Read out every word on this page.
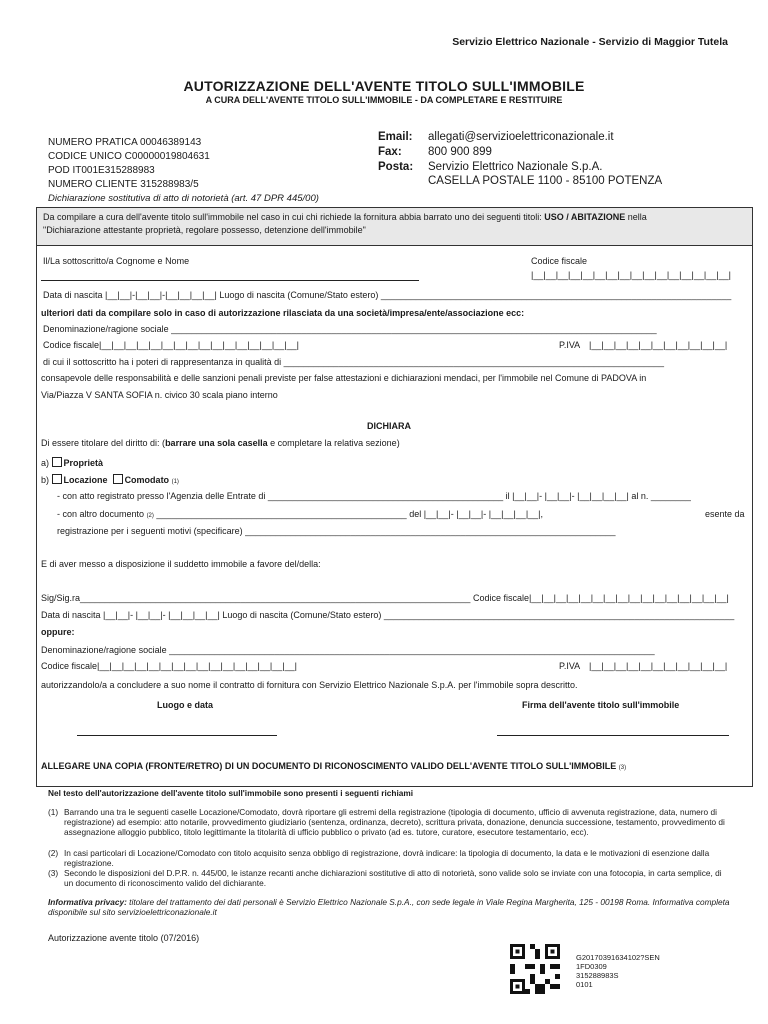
Servizio Elettrico Nazionale - Servizio di Maggior Tutela
AUTORIZZAZIONE DELL'AVENTE TITOLO SULL'IMMOBILE
A CURA DELL'AVENTE TITOLO SULL'IMMOBILE - DA COMPLETARE E RESTITUIRE
NUMERO PRATICA 00046389143
CODICE UNICO C00000019804631
POD IT001E315288983
NUMERO CLIENTE 315288983/5
Dichiarazione sostitutiva di atto di notorietà (art. 47 DPR 445/00)
Email: allegati@servizioelettriconazionale.it
Fax: 800 900 899
Posta: Servizio Elettrico Nazionale S.p.A.
CASELLA POSTALE 1100 - 85100 POTENZA
Da compilare a cura dell'avente titolo sull'immobile nel caso in cui chi richiede la fornitura abbia barrato uno dei seguenti titoli: USO / ABITAZIONE nella
"Dichiarazione attestante proprietà, regolare possesso, detenzione dell'immobile"
Il/La sottoscritto/a Cognome e Nome	Codice fiscale
|__|__|__|__|__|__|__|__|__|__|__|__|__|__|__|__|
Data di nascita |__|__|-|__|__|-|__|__|__|__| Luogo di nascita (Comune/Stato estero) ______________________________________________________________________
ulteriori dati da compilare solo in caso di autorizzazione rilasciata da una società/impresa/ente/associazione ecc:
Denominazione/ragione sociale _________________________________________________________________________________________________
Codice fiscale|__|__|__|__|__|__|__|__|__|__|__|__|__|__|__|__|	P.IVA |__|__|__|__|__|__|__|__|__|__|__|
di cui il sottoscritto ha i poteri di rappresentanza in qualità di ____________________________________________________________________________
consapevole delle responsabilità e delle sanzioni penali previste per false attestazioni e dichiarazioni mendaci, per l'immobile nel Comune di PADOVA in
Via/Piazza V SANTA SOFIA n. civico 30 scala piano interno
DICHIARA
Di essere titolare del diritto di: (barrare una sola casella e completare la relativa sezione)
a) Proprietà
b) Locazione Comodato (1)
- con atto registrato presso l'Agenzia delle Entrate di _______________________________________________ il |__|__|- |__|__|- |__|__|__|__| al n. ________
- con altro documento (2) __________________________________________________ del |__|__|- |__|__|- |__|__|__|__|,	esente da
registrazione per i seguenti motivi (specificare) __________________________________________________________________________
E di aver messo a disposizione il suddetto immobile a favore del/della:
Sig/Sig.ra______________________________________________________________________________ Codice fiscale|__|__|__|__|__|__|__|__|__|__|__|__|__|__|__|__|
Data di nascita |__|__|- |__|__|- |__|__|__|__| Luogo di nascita (Comune/Stato estero) ______________________________________________________________________
oppure:
Denominazione/ragione sociale _________________________________________________________________________________________________
Codice fiscale|__|__|__|__|__|__|__|__|__|__|__|__|__|__|__|__|	P.IVA |__|__|__|__|__|__|__|__|__|__|__|
autorizzandolo/a a concludere a suo nome il contratto di fornitura con Servizio Elettrico Nazionale S.p.A. per l'immobile sopra descritto.
Luogo e data	Firma dell'avente titolo sull'immobile
ALLEGARE UNA COPIA (FRONTE/RETRO) DI UN DOCUMENTO DI RICONOSCIMENTO VALIDO DELL'AVENTE TITOLO SULL'IMMOBILE (3)
Nel testo dell'autorizzazione dell'avente titolo sull'immobile sono presenti i seguenti richiami
(1) Barrando una tra le seguenti caselle Locazione/Comodato, dovrà riportare gli estremi della registrazione (tipologia di documento, ufficio di avvenuta registrazione, data, numero di registrazione) ad esempio: atto notarile, provvedimento giudiziario (sentenza, ordinanza, decreto), scrittura privata, donazione, denuncia successione, testamento, provvedimento di assegnazione alloggio pubblico, titolo legittimante la titolarità di ufficio pubblico o privato (ad es. tutore, curatore, esecutore testamentario, ecc).
(2) In casi particolari di Locazione/Comodato con titolo acquisito senza obbligo di registrazione, dovrà indicare: la tipologia di documento, la data e le motivazioni di esenzione dalla registrazione.
(3) Secondo le disposizioni del D.P.R. n. 445/00, le istanze recanti anche dichiarazioni sostitutive di atto di notorietà, sono valide solo se inviate con una fotocopia, in carta semplice, di un documento di riconoscimento valido del dichiarante.
Informativa privacy: titolare del trattamento dei dati personali è Servizio Elettrico Nazionale S.p.A., con sede legale in Viale Regina Margherita, 125 - 00198 Roma. Informativa completa disponibile sul sito servizioelettriconazionale.it
Autorizzazione avente titolo (07/2016)
G20170391634102?SEN
1FD0309
315288983S
0101
